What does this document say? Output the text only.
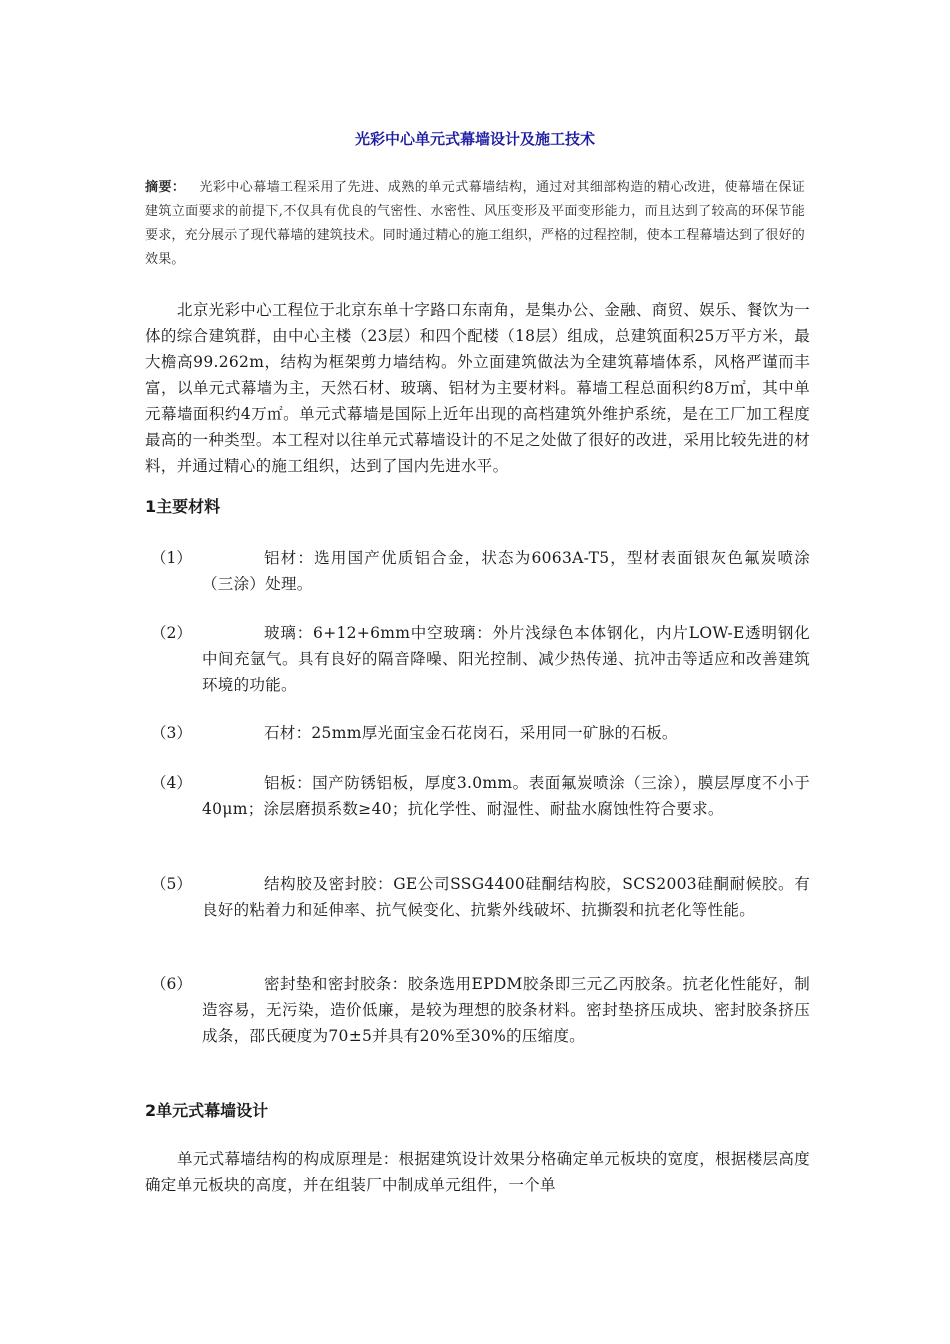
光彩中心单元式幕墙设计及施工技术
摘要： 光彩中心幕墙工程采用了先进、成熟的单元式幕墙结构，通过对其细部构造的精心改进，使幕墙在保证建筑立面要求的前提下,不仅具有优良的气密性、水密性、风压变形及平面变形能力，而且达到了较高的环保节能要求，充分展示了现代幕墙的建筑技术。同时通过精心的施工组织，严格的过程控制，使本工程幕墙达到了很好的效果。
北京光彩中心工程位于北京东单十字路口东南角，是集办公、金融、商贸、娱乐、餐饮为一体的综合建筑群，由中心主楼（23层）和四个配楼（18层）组成，总建筑面积25万平方米，最大檐高99.262m，结构为框架剪力墙结构。外立面建筑做法为全建筑幕墙体系，风格严谨而丰富，以单元式幕墙为主，天然石材、玻璃、铝材为主要材料。幕墙工程总面积约8万㎡，其中单元幕墙面积约4万㎡。单元式幕墙是国际上近年出现的高档建筑外维护系统，是在工厂加工程度最高的一种类型。本工程对以往单元式幕墙设计的不足之处做了很好的改进，采用比较先进的材料，并通过精心的施工组织，达到了国内先进水平。
1主要材料
（1）	铝材：选用国产优质铝合金，状态为6063A-T5，型材表面银灰色氟炭喷涂（三涂）处理。
（2）	玻璃：6+12+6mm中空玻璃：外片浅绿色本体钢化，内片LOW-E透明钢化中间充氩气。具有良好的隔音降噪、阳光控制、减少热传递、抗冲击等适应和改善建筑环境的功能。
（3）	石材：25mm厚光面宝金石花岗石，采用同一矿脉的石板。
（4）	铝板：国产防锈铝板，厚度3.0mm。表面氟炭喷涂（三涂），膜层厚度不小于40μm；涂层磨损系数≥40；抗化学性、耐湿性、耐盐水腐蚀性符合要求。
（5）	结构胶及密封胶：GE公司SSG4400硅酮结构胶，SCS2003硅酮耐候胶。有良好的粘着力和延伸率、抗气候变化、抗紫外线破坏、抗撕裂和抗老化等性能。
（6）	密封垫和密封胶条：胶条选用EPDM胶条即三元乙丙胶条。抗老化性能好，制造容易，无污染，造价低廉，是较为理想的胶条材料。密封垫挤压成块、密封胶条挤压成条，邵氏硬度为70±5并具有20%至30%的压缩度。
2单元式幕墙设计
单元式幕墙结构的构成原理是：根据建筑设计效果分格确定单元板块的宽度，根据楼层高度确定单元板块的高度，并在组装厂中制成单元组件，一个单
